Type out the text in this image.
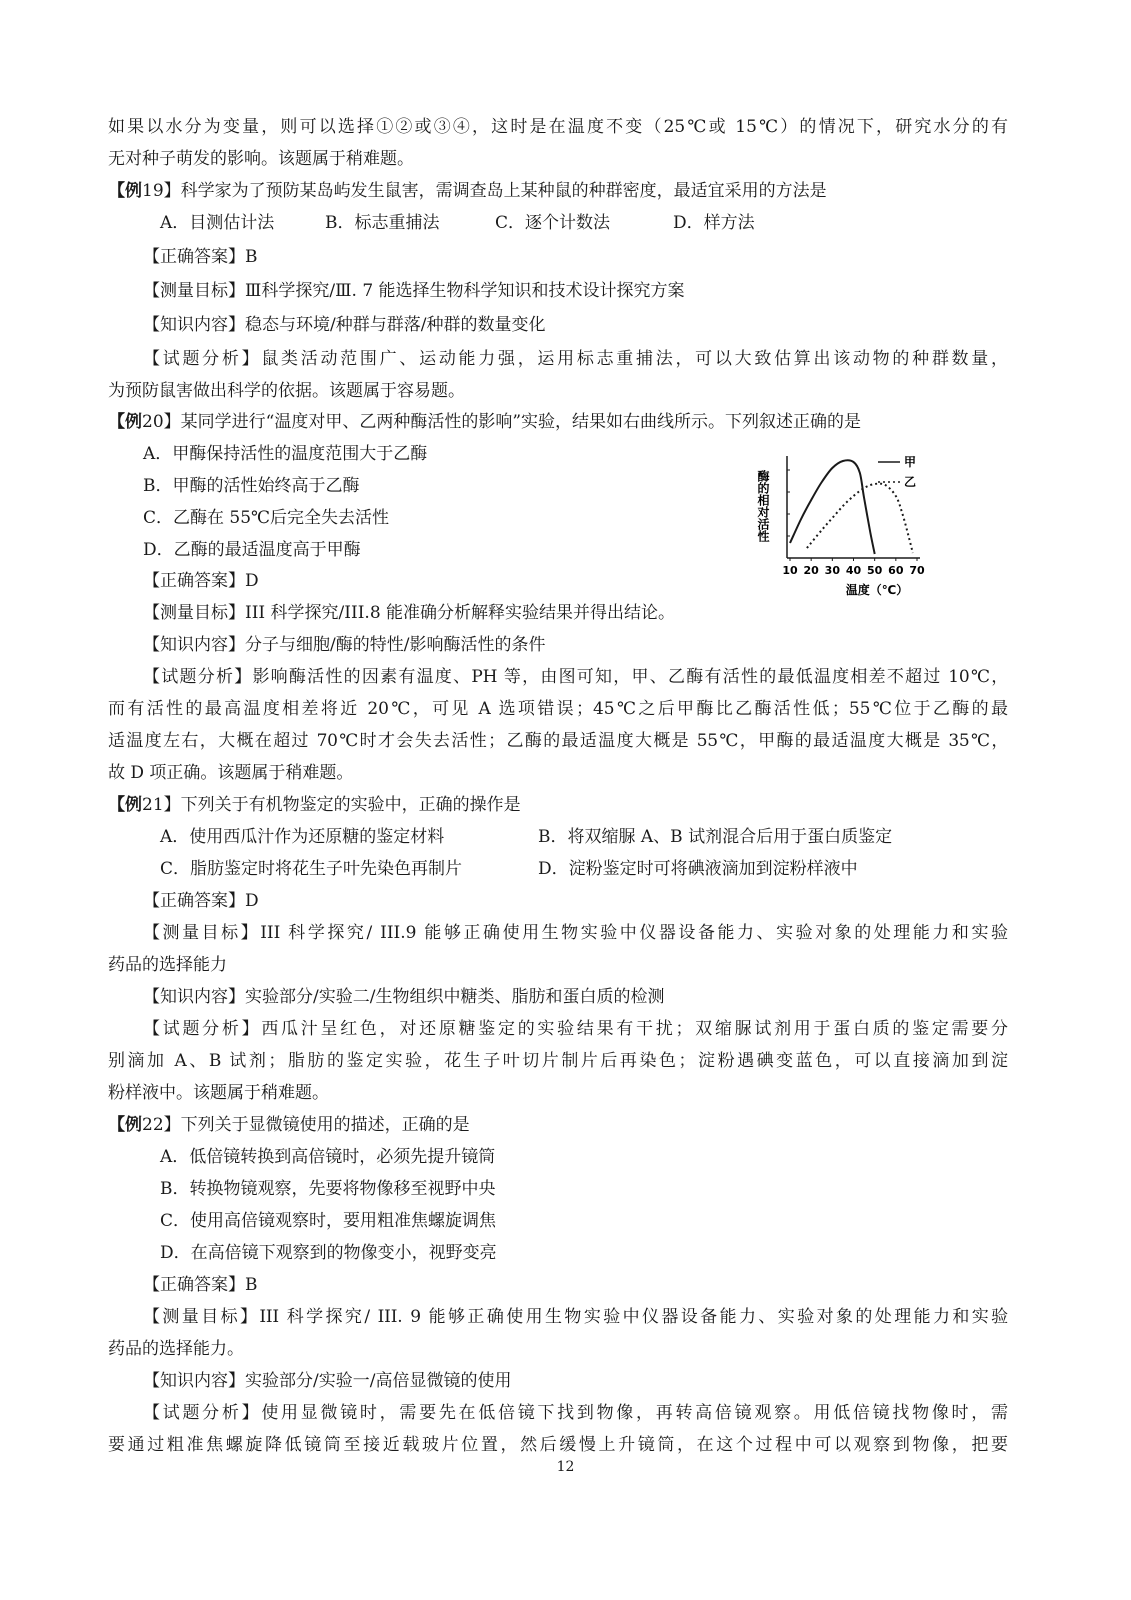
如果以水分为变量，则可以选择①②或③④，这时是在温度不变（25℃或 15℃）的情况下，研究水分的有
无对种子萌发的影响。该题属于稍难题。
【例19】科学家为了预防某岛屿发生鼠害，需调查岛上某种鼠的种群密度，最适宜采用的方法是
A．目测估计法	B．标志重捕法	C．逐个计数法	D．样方法
【正确答案】B
【测量目标】Ⅲ科学探究/Ⅲ. 7 能选择生物科学知识和技术设计探究方案
【知识内容】稳态与环境/种群与群落/种群的数量变化
【试题分析】鼠类活动范围广、运动能力强，运用标志重捕法，可以大致估算出该动物的种群数量，
为预防鼠害做出科学的依据。该题属于容易题。
【例20】某同学进行“温度对甲、乙两种酶活性的影响”实验，结果如右曲线所示。下列叙述正确的是
A．甲酶保持活性的温度范围大于乙酶
B．甲酶的活性始终高于乙酶
C．乙酶在 55℃后完全失去活性
D．乙酶的最适温度高于甲酶
【正确答案】D
【测量目标】III 科学探究/III.8 能准确分析解释实验结果并得出结论。
【知识内容】分子与细胞/酶的特性/影响酶活性的条件
【试题分析】影响酶活性的因素有温度、PH 等，由图可知，甲、乙酶有活性的最低温度相差不超过 10℃，
而有活性的最高温度相差将近 20℃，可见 A 选项错误；45℃之后甲酶比乙酶活性低；55℃位于乙酶的最
适温度左右，大概在超过 70℃时才会失去活性；乙酶的最适温度大概是 55℃，甲酶的最适温度大概是 35℃，
故 D 项正确。该题属于稍难题。
酶的相对活性
温度（℃）
10 20 30 40 50 60 70
甲
乙
【例21】下列关于有机物鉴定的实验中，正确的操作是
A．使用西瓜汁作为还原糖的鉴定材料	B．将双缩脲 A、B 试剂混合后用于蛋白质鉴定
C．脂肪鉴定时将花生子叶先染色再制片	D．淀粉鉴定时可将碘液滴加到淀粉样液中
【正确答案】D
【测量目标】III 科学探究/ III.9 能够正确使用生物实验中仪器设备能力、实验对象的处理能力和实验
药品的选择能力
【知识内容】实验部分/实验二/生物组织中糖类、脂肪和蛋白质的检测
【试题分析】西瓜汁呈红色，对还原糖鉴定的实验结果有干扰；双缩脲试剂用于蛋白质的鉴定需要分
别滴加 A、B 试剂；脂肪的鉴定实验，花生子叶切片制片后再染色；淀粉遇碘变蓝色，可以直接滴加到淀
粉样液中。该题属于稍难题。
【例22】下列关于显微镜使用的描述，正确的是
A．低倍镜转换到高倍镜时，必须先提升镜筒
B．转换物镜观察，先要将物像移至视野中央
C．使用高倍镜观察时，要用粗准焦螺旋调焦
D．在高倍镜下观察到的物像变小，视野变亮
【正确答案】B
【测量目标】III 科学探究/ III. 9 能够正确使用生物实验中仪器设备能力、实验对象的处理能力和实验
药品的选择能力。
【知识内容】实验部分/实验一/高倍显微镜的使用
【试题分析】使用显微镜时，需要先在低倍镜下找到物像，再转高倍镜观察。用低倍镜找物像时，需
要通过粗准焦螺旋降低镜筒至接近载玻片位置，然后缓慢上升镜筒，在这个过程中可以观察到物像，把要
12
